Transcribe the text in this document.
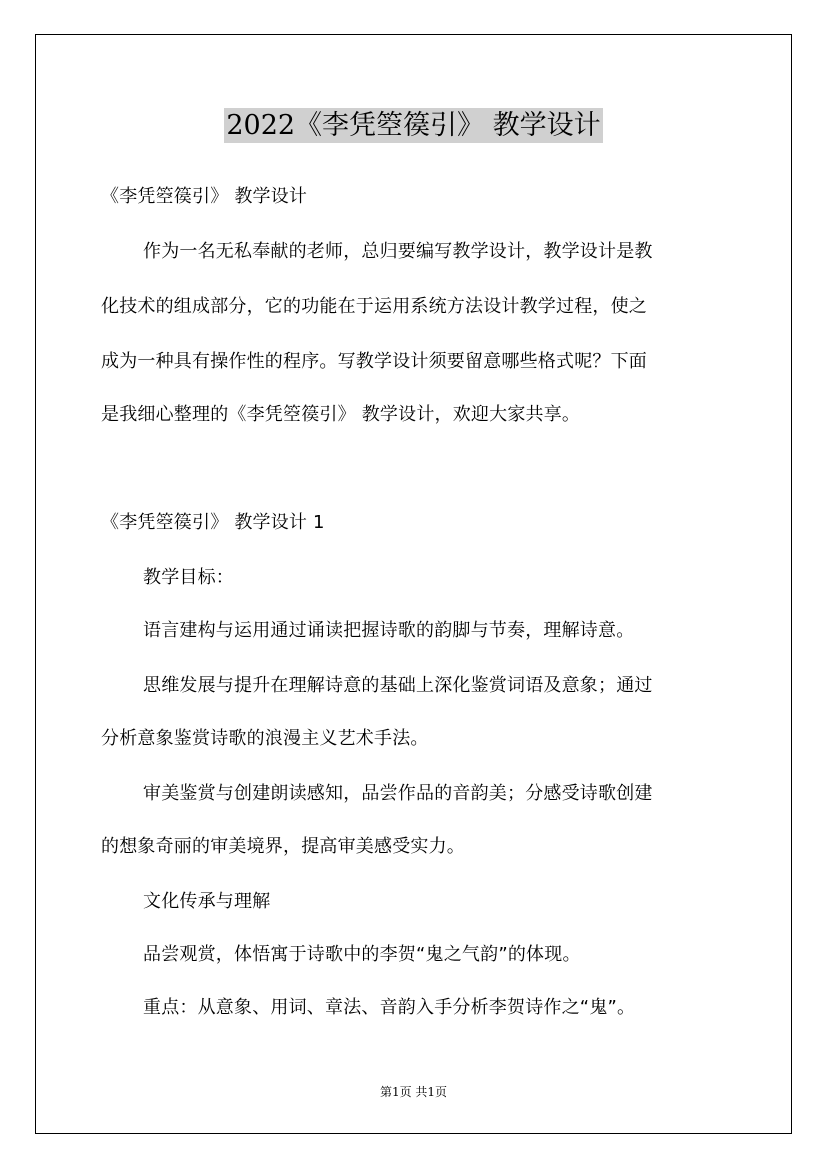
2022《李凭箜篌引》 教学设计
《李凭箜篌引》 教学设计
作为一名无私奉献的老师，总归要编写教学设计，教学设计是教
化技术的组成部分，它的功能在于运用系统方法设计教学过程，使之
成为一种具有操作性的程序。写教学设计须要留意哪些格式呢？下面
是我细心整理的《李凭箜篌引》 教学设计，欢迎大家共享。
《李凭箜篌引》 教学设计 1
教学目标：
语言建构与运用通过诵读把握诗歌的韵脚与节奏，理解诗意。
思维发展与提升在理解诗意的基础上深化鉴赏词语及意象；通过
分析意象鉴赏诗歌的浪漫主义艺术手法。
审美鉴赏与创建朗读感知，品尝作品的音韵美；分感受诗歌创建
的想象奇丽的审美境界，提高审美感受实力。
文化传承与理解
品尝观赏，体悟寓于诗歌中的李贺“鬼之气韵”的体现。
重点：从意象、用词、章法、音韵入手分析李贺诗作之“鬼”。
第1页 共1页
